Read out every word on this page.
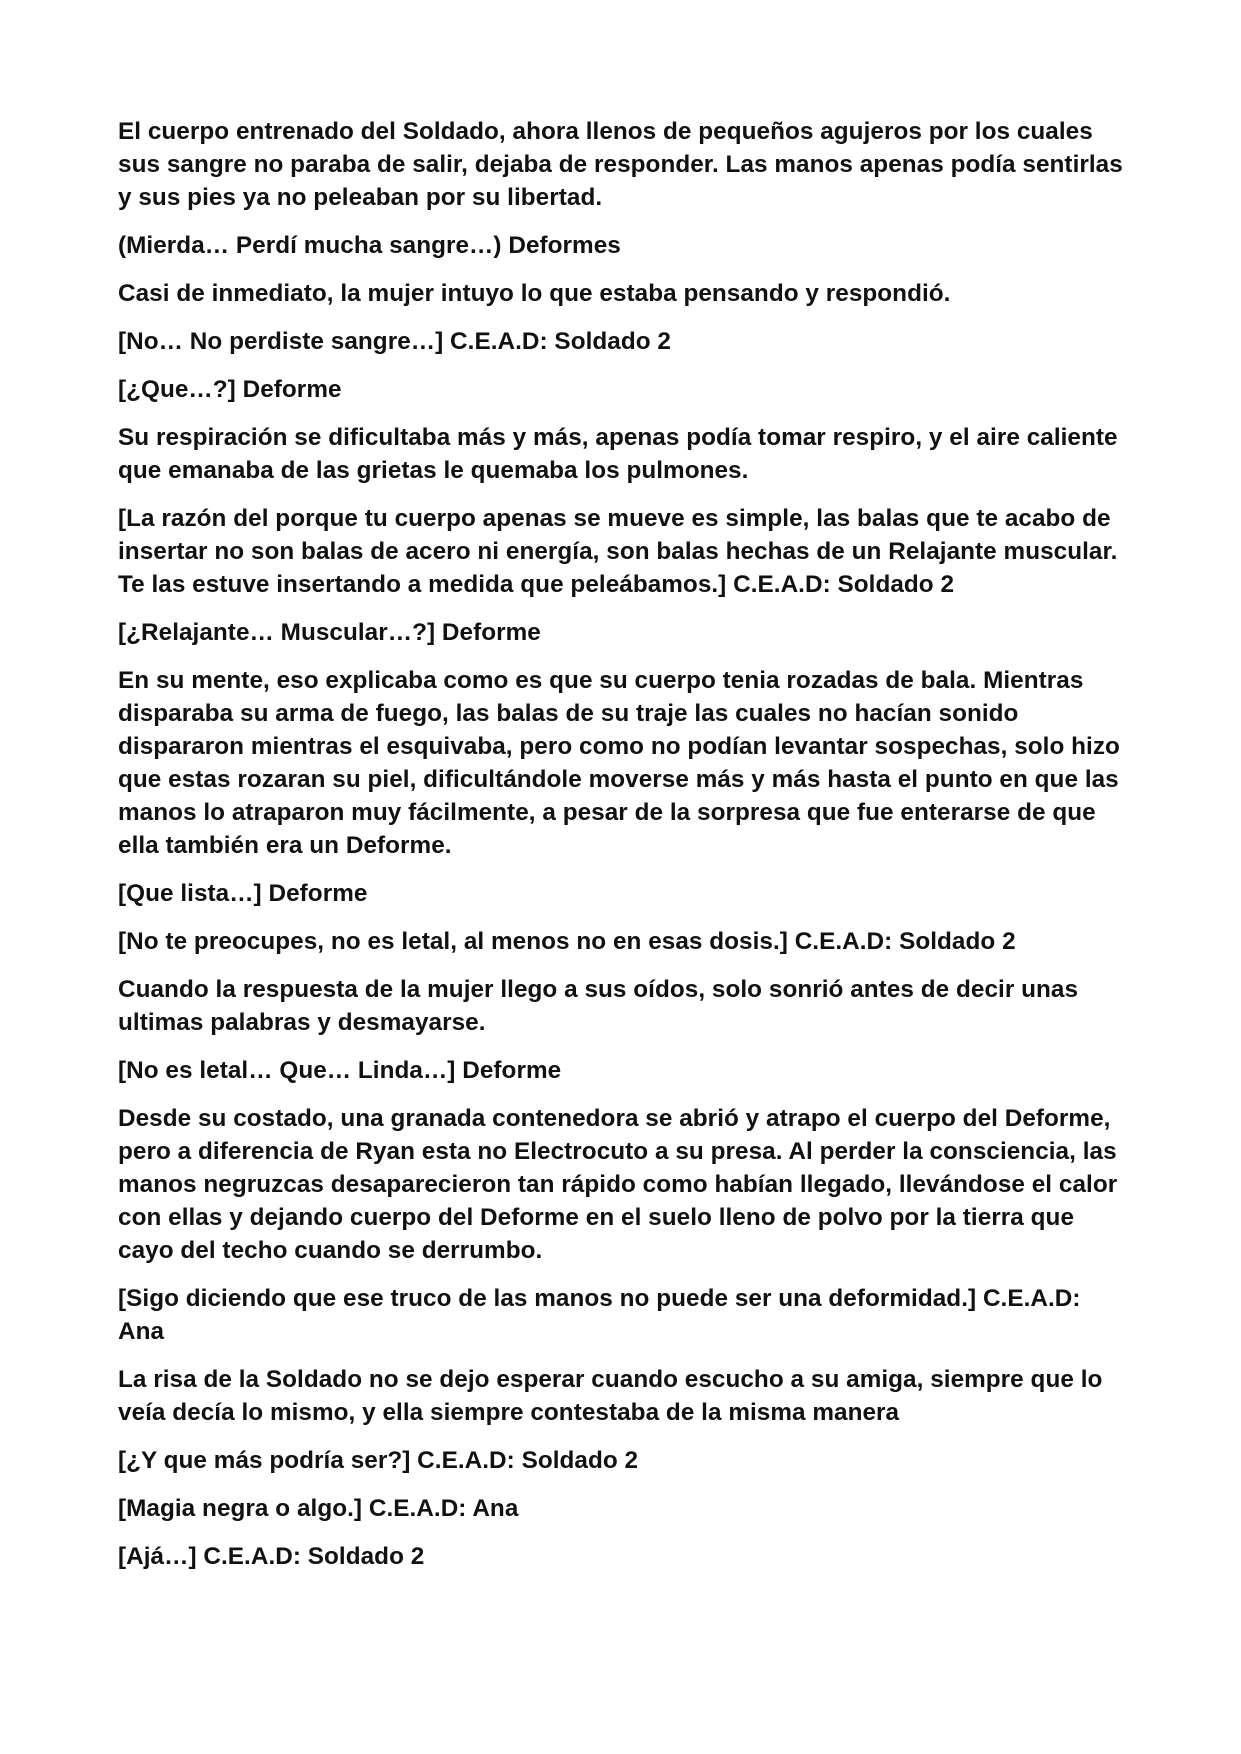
El cuerpo entrenado del Soldado, ahora llenos de pequeños agujeros por los cuales sus sangre no paraba de salir, dejaba de responder. Las manos apenas podía sentirlas y sus pies ya no peleaban por su libertad.

(Mierda… Perdí mucha sangre…) Deformes

Casi de inmediato, la mujer intuyo lo que estaba pensando y respondió.

[No… No perdiste sangre…] C.E.A.D: Soldado 2

[¿Que…?] Deforme

Su respiración se dificultaba más y más, apenas podía tomar respiro, y el aire caliente que emanaba de las grietas le quemaba los pulmones.

[La razón del porque tu cuerpo apenas se mueve es simple, las balas que te acabo de insertar no son balas de acero ni energía, son balas hechas de un Relajante muscular. Te las estuve insertando a medida que peleábamos.] C.E.A.D: Soldado 2

[¿Relajante… Muscular…?] Deforme

En su mente, eso explicaba como es que su cuerpo tenia rozadas de bala. Mientras disparaba su arma de fuego, las balas de su traje las cuales no hacían sonido dispararon mientras el esquivaba, pero como no podían levantar sospechas, solo hizo que estas rozaran su piel, dificultándole moverse más y más hasta el punto en que las manos lo atraparon muy fácilmente, a pesar de la sorpresa que fue enterarse de que ella también era un Deforme.

[Que lista…] Deforme

[No te preocupes, no es letal, al menos no en esas dosis.] C.E.A.D: Soldado 2

Cuando la respuesta de la mujer llego a sus oídos, solo sonrió antes de decir unas ultimas palabras y desmayarse.

[No es letal… Que… Linda…] Deforme

Desde su costado, una granada contenedora se abrió y atrapo el cuerpo del Deforme, pero a diferencia de Ryan esta no Electrocuto a su presa. Al perder la consciencia, las manos negruzcas desaparecieron tan rápido como habían llegado, llevándose el calor con ellas y dejando cuerpo del Deforme en el suelo lleno de polvo por la tierra que cayo del techo cuando se derrumbo.

[Sigo diciendo que ese truco de las manos no puede ser una deformidad.] C.E.A.D: Ana

La risa de la Soldado no se dejo esperar cuando escucho a su amiga, siempre que lo veía decía lo mismo, y ella siempre contestaba de la misma manera

[¿Y que más podría ser?] C.E.A.D: Soldado 2

[Magia negra o algo.] C.E.A.D: Ana

[Ajá…] C.E.A.D: Soldado 2
